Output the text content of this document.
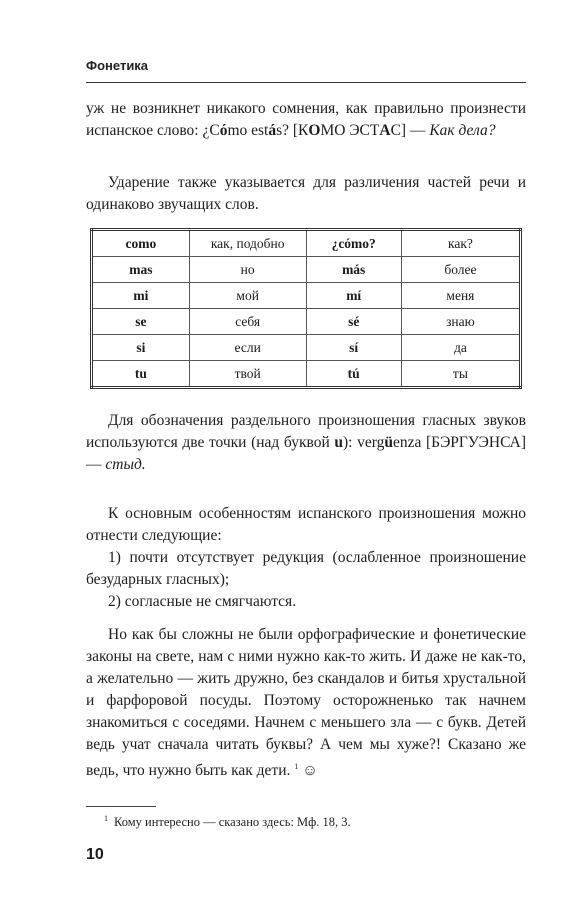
Фонетика

уж не возникнет никакого сомнения, как правильно произнести испанское слово: ¿Cómo estás? [КОМО ЭСТАС] — Как дела?

Ударение также указывается для различения частей речи и одинаково звучащих слов.

como	как, подобно	¿cómo?	как?
mas	но	más	более
mi	мой	mí	меня
se	себя	sé	знаю
si	если	sí	да
tu	твой	tú	ты

Для обозначения раздельного произношения гласных звуков используются две точки (над буквой u): vergüenza [БЭРГУЭНСА] — стыд.

К основным особенностям испанского произношения можно отнести следующие:

1) почти отсутствует редукция (ослабленное произношение безударных гласных);

2) согласные не смягчаются.

Но как бы сложны не были орфографические и фонетические законы на свете, нам с ними нужно как-то жить. И даже не как-то, а желательно — жить дружно, без скандалов и битья хрустальной и фарфоровой посуды. Поэтому осторожненько так начнем знакомиться с соседями. Начнем с меньшего зла — с букв. Детей ведь учат сначала читать буквы? А чем мы хуже?! Сказано же ведь, что нужно быть как дети. $^1$ ☺

$^1$ Кому интересно — сказано здесь: Мф. 18, 3.
10
